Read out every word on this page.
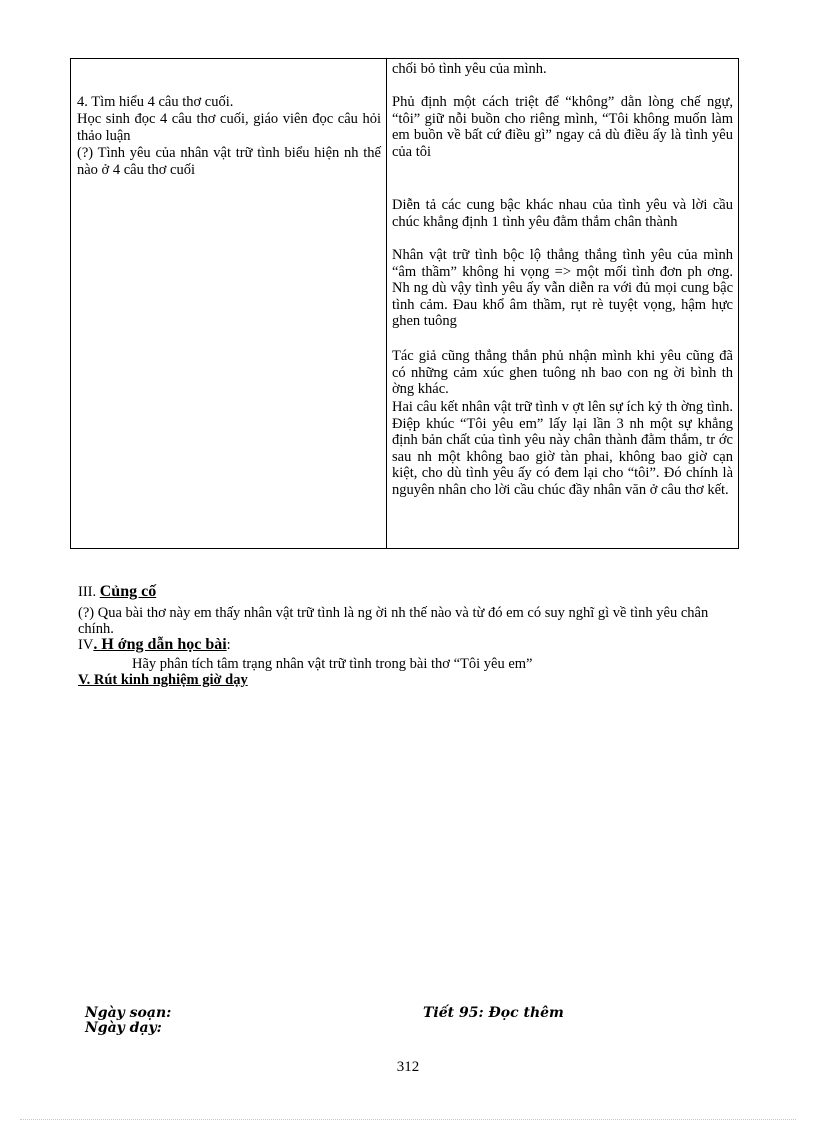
4. Tìm hiểu 4 câu thơ cuối.

Học sinh đọc 4 câu thơ cuối, giáo viên đọc câu hỏi thảo luận

(?) Tình yêu của nhân vật trữ tình biểu hiện nh thế nào ở 4 câu thơ cuối

chối bỏ tình yêu của mình.

Phủ định một cách triệt để “không” dằn lòng chế ngự, “tôi” giữ nỗi buồn cho riêng mình, “Tôi không muốn làm em buồn về bất cứ điều gì” ngay cả dù điều ấy là tình yêu của tôi

Diễn tả các cung bậc khác nhau của tình yêu và lời cầu chúc khẳng định 1 tình yêu đằm thắm chân thành

Nhân vật trữ tình bộc lộ thẳng thắng tình yêu của mình “âm thầm” không hi vọng => một mối tình đơn ph ơng. Nh ng dù vậy tình yêu ấy vẫn diễn ra với đủ mọi cung bậc tình cảm. Đau khổ âm thầm, rụt rè tuyệt vọng, hậm hực ghen tuông

Tác giả cũng thẳng thắn phủ nhận mình khi yêu cũng đã có những cảm xúc ghen tuông nh bao con ng ời bình th ờng khác.

Hai câu kết nhân vật trữ tình v ợt lên sự ích kỷ th ờng tình. Điệp khúc “Tôi yêu em” lấy lại lần 3 nh một sự khẳng định bản chất của tình yêu này chân thành đằm thắm, tr ớc sau nh một không bao giờ tàn phai, không bao giờ cạn kiệt, cho dù tình yêu ấy có đem lại cho “tôi”. Đó chính là nguyên nhân cho lời cầu chúc đầy nhân văn ở câu thơ kết.

III. Củng cố

(?) Qua bài thơ này em thấy nhân vật trữ tình là ng ời nh thế nào và từ đó em có suy nghĩ gì về tình yêu chân chính.

IV. H ớng dẫn học bài:

Hãy phân tích tâm trạng nhân vật trữ tình trong bài thơ “Tôi yêu em”

V. Rút kinh nghiệm giờ dạy

Ngày soạn:
Ngày dạy:
Tiết 95: Đọc thêm
312
